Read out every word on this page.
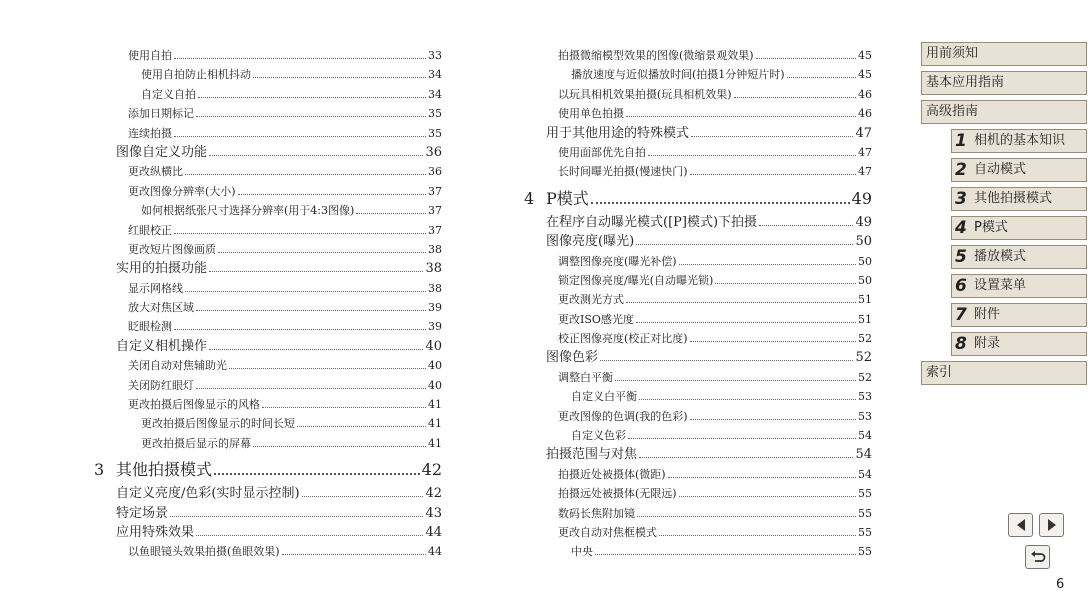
使用自拍	33
使用自拍防止相机抖动	34
自定义自拍	34
添加日期标记	35
连续拍摄	35
图像自定义功能	36
更改纵横比	36
更改图像分辨率(大小)	37
如何根据纸张尺寸选择分辨率(用于4:3图像)	37
红眼校正	37
更改短片图像画质	38
实用的拍摄功能	38
显示网格线	38
放大对焦区域	39
眨眼检测	39
自定义相机操作	40
关闭自动对焦辅助光	40
关闭防红眼灯	40
更改拍摄后图像显示的风格	41
更改拍摄后图像显示的时间长短	41
更改拍摄后显示的屏幕	41
3 其他拍摄模式	42
自定义亮度/色彩(实时显示控制)	42
特定场景	43
应用特殊效果	44
以鱼眼镜头效果拍摄(鱼眼效果)	44
拍摄微缩模型效果的图像(微缩景观效果)	45
播放速度与近似播放时间(拍摄1分钟短片时)	45
以玩具相机效果拍摄(玩具相机效果)	46
使用单色拍摄	46
用于其他用途的特殊模式	47
使用面部优先自拍	47
长时间曝光拍摄(慢速快门)	47
4 P模式	49
在程序自动曝光模式([P]模式)下拍摄	49
图像亮度(曝光)	50
调整图像亮度(曝光补偿)	50
锁定图像亮度/曝光(自动曝光锁)	50
更改测光方式	51
更改ISO感光度	51
校正图像亮度(校正对比度)	52
图像色彩	52
调整白平衡	52
自定义白平衡	53
更改图像的色调(我的色彩)	53
自定义色彩	54
拍摄范围与对焦	54
拍摄近处被摄体(微距)	54
拍摄远处被摄体(无限远)	55
数码长焦附加镜	55
更改自动对焦框模式	55
中央	55
用前须知
基本应用指南
高级指南
1 相机的基本知识
2 自动模式
3 其他拍摄模式
4 P模式
5 播放模式
6 设置菜单
7 附件
8 附录
索引
6
